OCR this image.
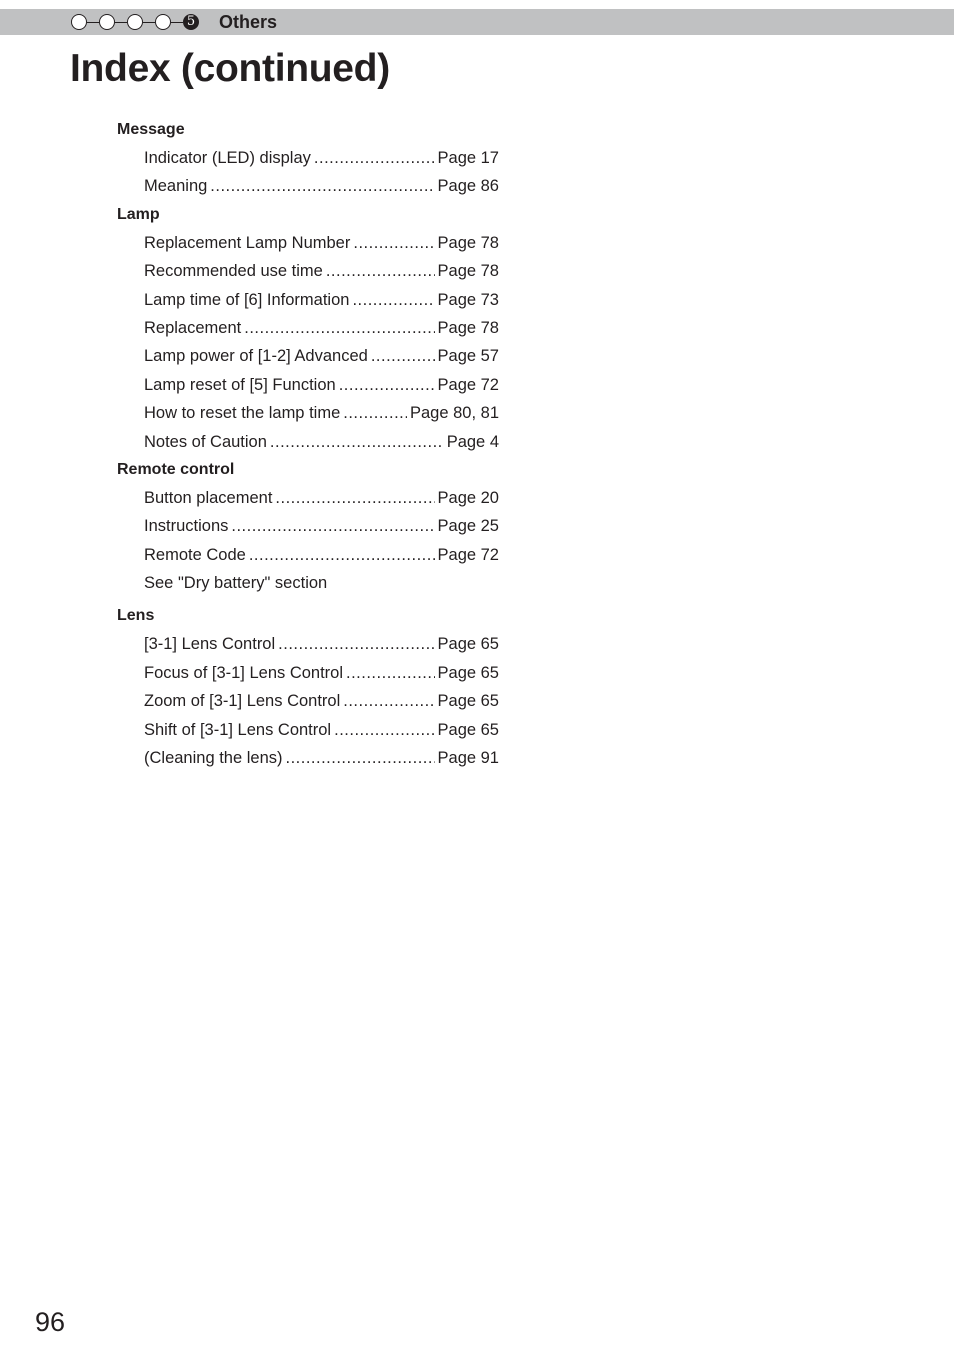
5 Others
Index (continued)
Message
Indicator (LED) display .....	Page 17
Meaning .....	Page 86
Lamp
Replacement Lamp Number .....	Page 78
Recommended use time .....	Page 78
Lamp time of [6] Information .....	Page 73
Replacement .....	Page 78
Lamp power of [1-2] Advanced .....	Page 57
Lamp reset of [5] Function .....	Page 72
How to reset the lamp time .....	Page 80, 81
Notes of Caution .....	Page 4
Remote control
Button placement .....	Page 20
Instructions .....	Page 25
Remote Code .....	Page 72
See "Dry battery" section
Lens
[3-1] Lens Control .....	Page 65
Focus of [3-1] Lens Control .....	Page 65
Zoom of [3-1] Lens Control .....	Page 65
Shift of [3-1] Lens Control .....	Page 65
(Cleaning the lens) .....	Page 91
96
